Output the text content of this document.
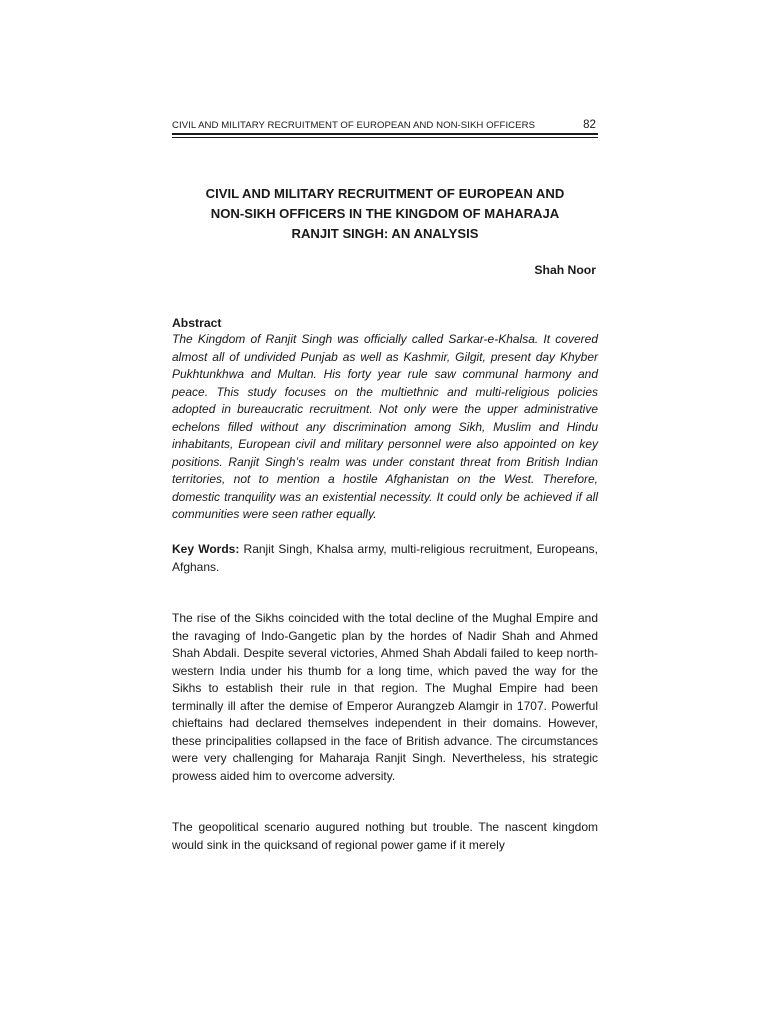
CIVIL AND MILITARY RECRUITMENT OF EUROPEAN AND NON-SIKH OFFICERS	82
CIVIL AND MILITARY RECRUITMENT OF EUROPEAN AND
NON-SIKH OFFICERS IN THE KINGDOM OF MAHARAJA
RANJIT SINGH: AN ANALYSIS
Shah Noor
Abstract

The Kingdom of Ranjit Singh was officially called Sarkar-e-Khalsa. It covered almost all of undivided Punjab as well as Kashmir, Gilgit, present day Khyber Pukhtunkhwa and Multan. His forty year rule saw communal harmony and peace. This study focuses on the multiethnic and multi-religious policies adopted in bureaucratic recruitment. Not only were the upper administrative echelons filled without any discrimination among Sikh, Muslim and Hindu inhabitants, European civil and military personnel were also appointed on key positions. Ranjit Singh’s realm was under constant threat from British Indian territories, not to mention a hostile Afghanistan on the West. Therefore, domestic tranquility was an existential necessity. It could only be achieved if all communities were seen rather equally.

Key Words: Ranjit Singh, Khalsa army, multi-religious recruitment, Europeans, Afghans.

The rise of the Sikhs coincided with the total decline of the Mughal Empire and the ravaging of Indo-Gangetic plan by the hordes of Nadir Shah and Ahmed Shah Abdali. Despite several victories, Ahmed Shah Abdali failed to keep north-western India under his thumb for a long time, which paved the way for the Sikhs to establish their rule in that region. The Mughal Empire had been terminally ill after the demise of Emperor Aurangzeb Alamgir in 1707. Powerful chieftains had declared themselves independent in their domains. However, these principalities collapsed in the face of British advance. The circumstances were very challenging for Maharaja Ranjit Singh. Nevertheless, his strategic prowess aided him to overcome adversity.

The geopolitical scenario augured nothing but trouble. The nascent kingdom would sink in the quicksand of regional power game if it merely
